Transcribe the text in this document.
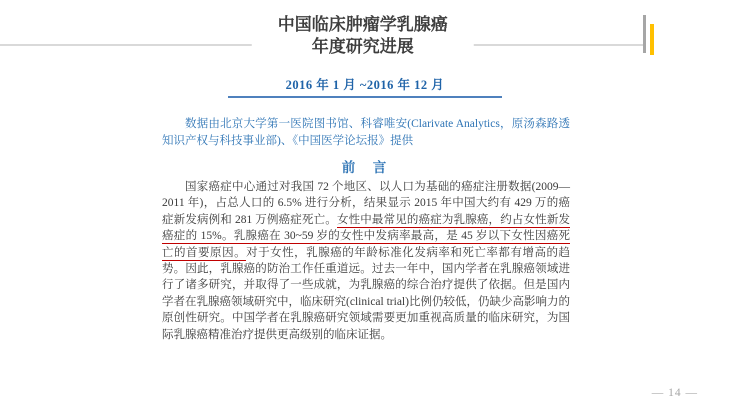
中国临床肿瘤学乳腺癌
年度研究进展
2016 年 1 月 ~2016 年 12 月

数据由北京大学第一医院图书馆、科睿唯安(Clarivate Analytics，原汤森路透知识产权与科技事业部)、《中国医学论坛报》提供

前　言

国家癌症中心通过对我国 72 个地区、以人口为基础的癌症注册数据(2009—2011 年)，占总人口的 6.5% 进行分析，结果显示 2015 年中国大约有 429 万的癌症新发病例和 281 万例癌症死亡。女性中最常见的癌症为乳腺癌，约占女性新发癌症的 15%。乳腺癌在 30~59 岁的女性中发病率最高，是 45 岁以下女性因癌死亡的首要原因。对于女性，乳腺癌的年龄标准化发病率和死亡率都有增高的趋势。因此，乳腺癌的防治工作任重道远。过去一年中，国内学者在乳腺癌领域进行了诸多研究，并取得了一些成就，为乳腺癌的综合治疗提供了依据。但是国内学者在乳腺癌领域研究中，临床研究(clinical trial)比例仍较低，仍缺少高影响力的原创性研究。中国学者在乳腺癌研究领域需要更加重视高质量的临床研究，为国际乳腺癌精准治疗提供更高级别的临床证据。

— 14 —
